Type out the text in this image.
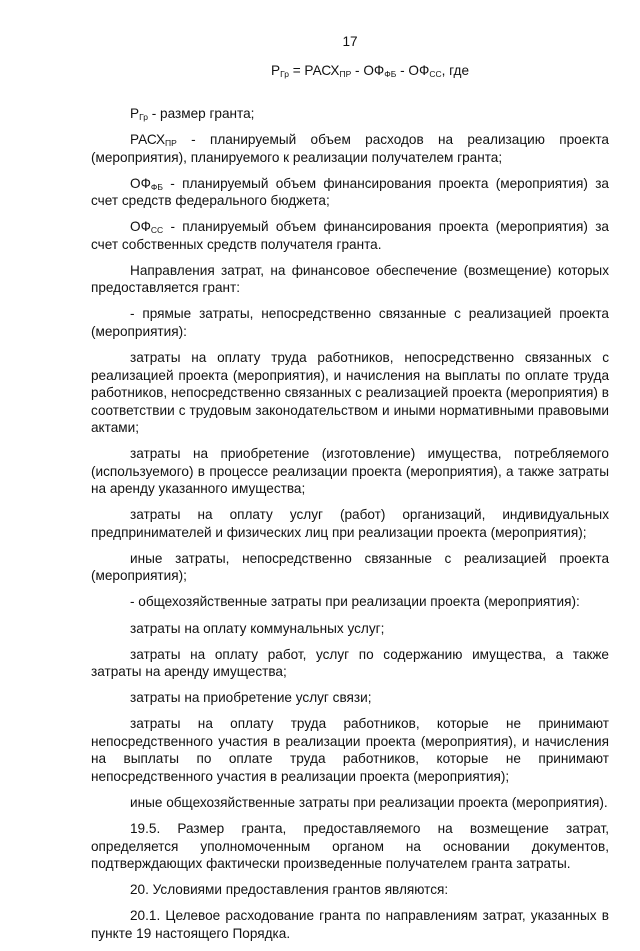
17
$Р_{Гр}$ = $РАСХ_{ПР} - ОФ_{ФБ} - ОФ_{СС}$, где

$Р_{Гр}$ - размер гранта;

$РАСХ_{ПР}$ - планируемый объем расходов на реализацию проекта (мероприятия), планируемого к реализации получателем гранта;

$ОФ_{ФБ}$ - планируемый объем финансирования проекта (мероприятия) за счет средств федерального бюджета;

$ОФ_{СС}$ - планируемый объем финансирования проекта (мероприятия) за счет собственных средств получателя гранта.

Направления затрат, на финансовое обеспечение (возмещение) которых предоставляется грант:

- прямые затраты, непосредственно связанные с реализацией проекта (мероприятия):

затраты на оплату труда работников, непосредственно связанных с реализацией проекта (мероприятия), и начисления на выплаты по оплате труда работников, непосредственно связанных с реализацией проекта (мероприятия) в соответствии с трудовым законодательством и иными нормативными правовыми актами;

затраты на приобретение (изготовление) имущества, потребляемого (используемого) в процессе реализации проекта (мероприятия), а также затраты на аренду указанного имущества;

затраты на оплату услуг (работ) организаций, индивидуальных предпринимателей и физических лиц при реализации проекта (мероприятия);

иные затраты, непосредственно связанные с реализацией проекта (мероприятия);

- общехозяйственные затраты при реализации проекта (мероприятия):

затраты на оплату коммунальных услуг;

затраты на оплату работ, услуг по содержанию имущества, а также затраты на аренду имущества;

затраты на приобретение услуг связи;

затраты на оплату труда работников, которые не принимают непосредственного участия в реализации проекта (мероприятия), и начисления на выплаты по оплате труда работников, которые не принимают непосредственного участия в реализации проекта (мероприятия);

иные общехозяйственные затраты при реализации проекта (мероприятия).

19.5. Размер гранта, предоставляемого на возмещение затрат, определяется уполномоченным органом на основании документов, подтверждающих фактически произведенные получателем гранта затраты.

20. Условиями предоставления грантов являются:

20.1. Целевое расходование гранта по направлениям затрат, указанных в пункте 19 настоящего Порядка.
